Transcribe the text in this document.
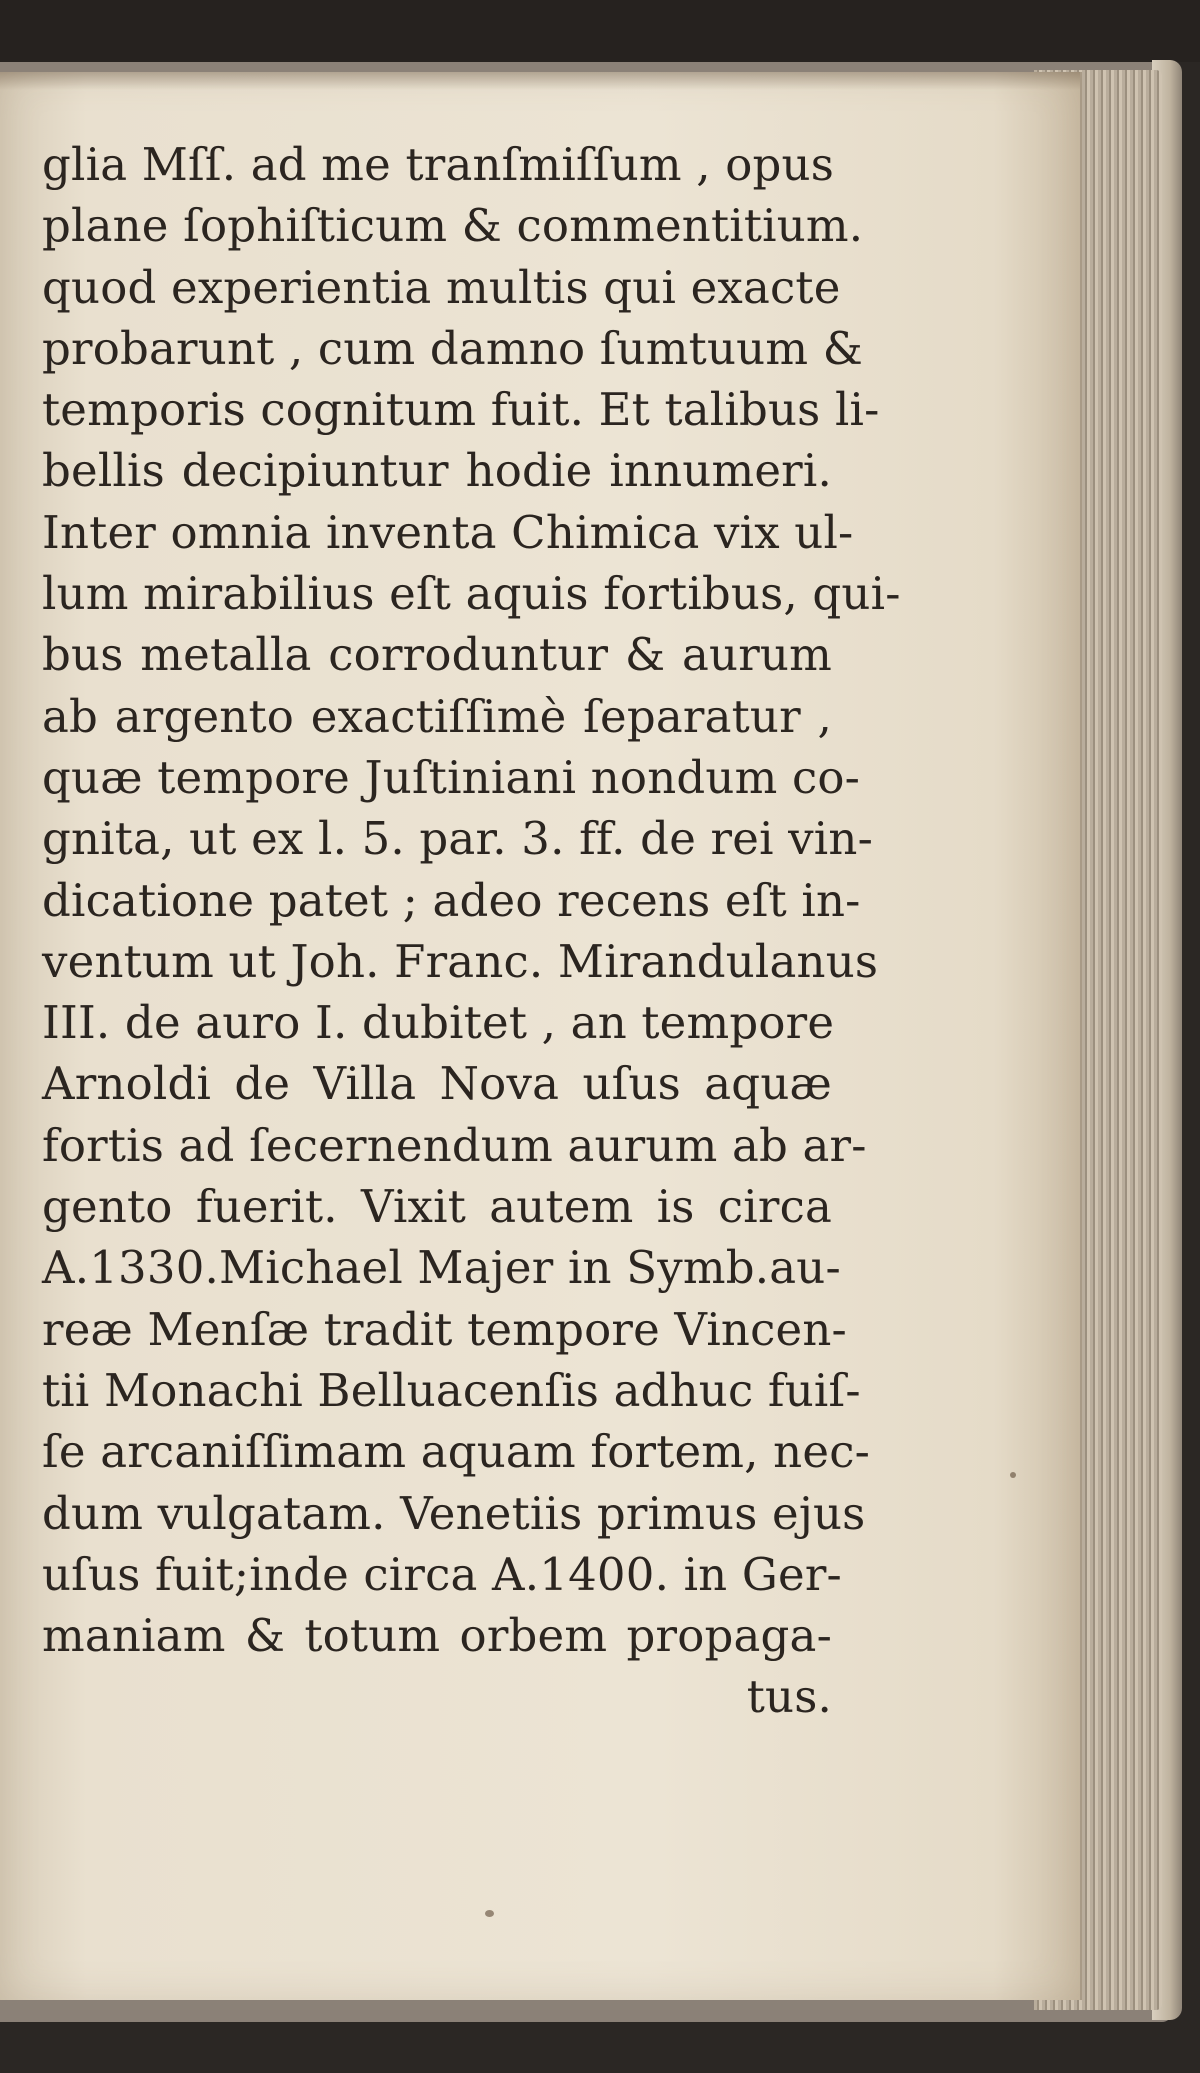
glia Mſſ. ad me tranſmiſſum , opus
plane ſophiſticum & commentitium.
quod experientia multis qui exacte
probarunt , cum damno ſumtuum &
temporis cognitum fuit. Et talibus li-
bellis decipiuntur hodie innumeri.
Inter omnia inventa Chimica vix ul-
lum mirabilius eſt aquis fortibus, qui-
bus metalla corroduntur & aurum
ab argento exactiſſimè ſeparatur ,
quæ tempore Juſtiniani nondum co-
gnita, ut ex l. 5. par. 3. ff. de rei vin-
dicatione patet ; adeo recens eſt in-
ventum ut Joh. Franc. Mirandulanus
III. de auro I. dubitet , an tempore
Arnoldi de Villa Nova uſus aquæ
fortis ad ſecernendum aurum ab ar-
gento fuerit. Vixit autem is circa
A.1330.Michael Majer in Symb.au-
reæ Menſæ tradit tempore Vincen-
tii Monachi Belluacenſis adhuc fuiſ-
ſe arcaniſſimam aquam fortem, nec-
dum vulgatam. Venetiis primus ejus
uſus fuit;inde circa A.1400. in Ger-
maniam & totum orbem propaga-
tus.
